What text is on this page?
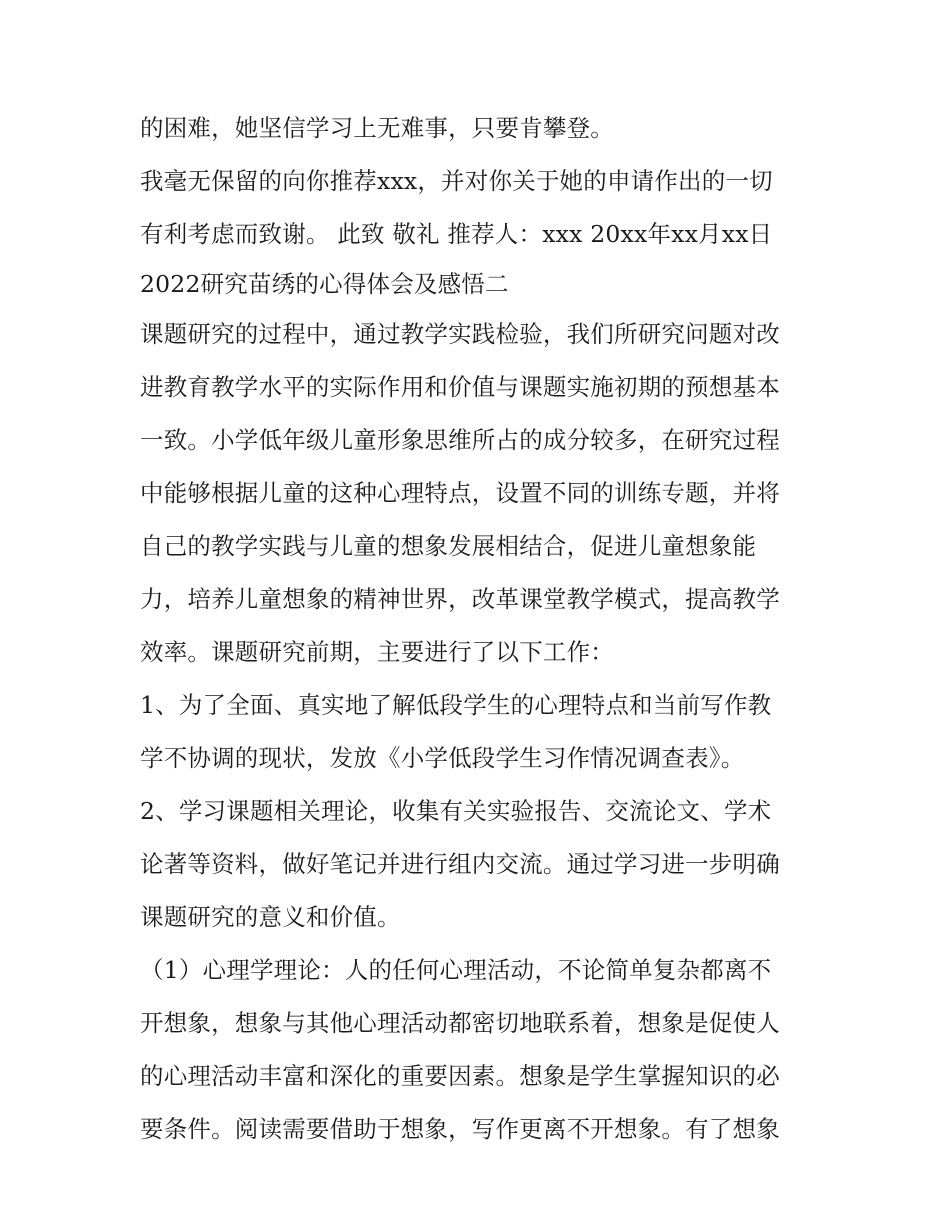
的困难，她坚信学习上无难事，只要肯攀登。
我毫无保留的向你推荐xxx，并对你关于她的申请作出的一切
有利考虑而致谢。 此致 敬礼 推荐人：xxx 20xx年xx月xx日
2022研究苗绣的心得体会及感悟二
课题研究的过程中，通过教学实践检验，我们所研究问题对改
进教育教学水平的实际作用和价值与课题实施初期的预想基本
一致。小学低年级儿童形象思维所占的成分较多，在研究过程
中能够根据儿童的这种心理特点，设置不同的训练专题，并将
自己的教学实践与儿童的想象发展相结合，促进儿童想象能
力，培养儿童想象的精神世界，改革课堂教学模式，提高教学
效率。课题研究前期，主要进行了以下工作：
1、为了全面、真实地了解低段学生的心理特点和当前写作教
学不协调的现状，发放《小学低段学生习作情况调查表》。
2、学习课题相关理论，收集有关实验报告、交流论文、学术
论著等资料，做好笔记并进行组内交流。通过学习进一步明确
课题研究的意义和价值。
（1）心理学理论：人的任何心理活动，不论简单复杂都离不
开想象，想象与其他心理活动都密切地联系着，想象是促使人
的心理活动丰富和深化的重要因素。想象是学生掌握知识的必
要条件。阅读需要借助于想象，写作更离不开想象。有了想象
